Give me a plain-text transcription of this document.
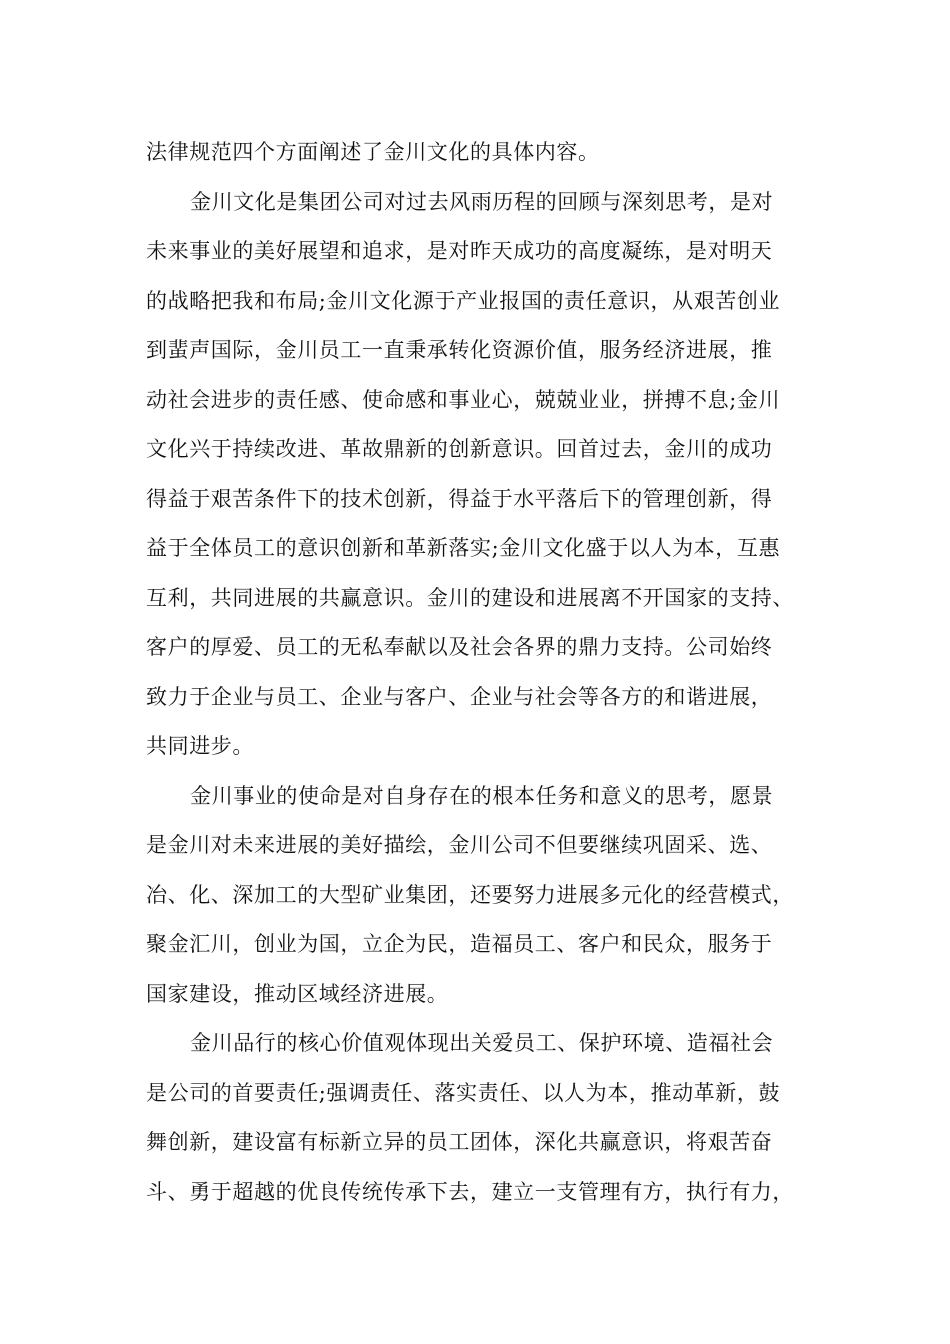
法律规范四个方面阐述了金川文化的具体内容。
金川文化是集团公司对过去风雨历程的回顾与深刻思考，是对
未来事业的美好展望和追求，是对昨天成功的高度凝练，是对明天
的战略把我和布局;金川文化源于产业报国的责任意识，从艰苦创业
到蜚声国际，金川员工一直秉承转化资源价值，服务经济进展，推
动社会进步的责任感、使命感和事业心，兢兢业业，拼搏不息;金川
文化兴于持续改进、革故鼎新的创新意识。回首过去，金川的成功
得益于艰苦条件下的技术创新，得益于水平落后下的管理创新，得
益于全体员工的意识创新和革新落实;金川文化盛于以人为本，互惠
互利，共同进展的共赢意识。金川的建设和进展离不开国家的支持、
客户的厚爱、员工的无私奉献以及社会各界的鼎力支持。公司始终
致力于企业与员工、企业与客户、企业与社会等各方的和谐进展，
共同进步。
金川事业的使命是对自身存在的根本任务和意义的思考，愿景
是金川对未来进展的美好描绘，金川公司不但要继续巩固采、选、
冶、化、深加工的大型矿业集团，还要努力进展多元化的经营模式，
聚金汇川，创业为国，立企为民，造福员工、客户和民众，服务于
国家建设，推动区域经济进展。
金川品行的核心价值观体现出关爱员工、保护环境、造福社会
是公司的首要责任;强调责任、落实责任、以人为本，推动革新，鼓
舞创新，建设富有标新立异的员工团体，深化共赢意识，将艰苦奋
斗、勇于超越的优良传统传承下去，建立一支管理有方，执行有力，
